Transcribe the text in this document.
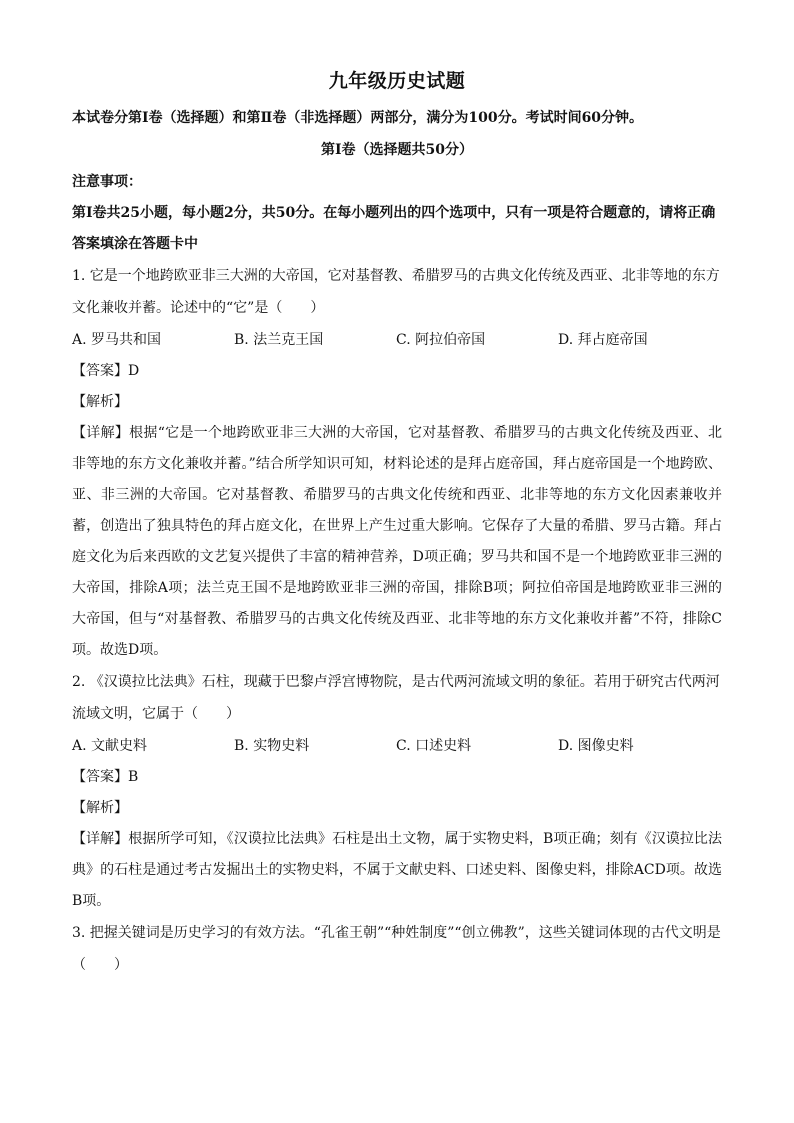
九年级历史试题

本试卷分第Ⅰ卷（选择题）和第Ⅱ卷（非选择题）两部分，满分为100分。考试时间60分钟。

第Ⅰ卷（选择题共50分）

注意事项：

第Ⅰ卷共25小题，每小题2分，共50分。在每小题列出的四个选项中，只有一项是符合题意的，请将正确答案填涂在答题卡中

1. 它是一个地跨欧亚非三大洲的大帝国，它对基督教、希腊罗马的古典文化传统及西亚、北非等地的东方文化兼收并蓄。论述中的“它”是（　　）

A. 罗马共和国	B. 法兰克王国	C. 阿拉伯帝国	D. 拜占庭帝国

【答案】D

【解析】

【详解】根据“它是一个地跨欧亚非三大洲的大帝国，它对基督教、希腊罗马的古典文化传统及西亚、北非等地的东方文化兼收并蓄。”结合所学知识可知，材料论述的是拜占庭帝国，拜占庭帝国是一个地跨欧、亚、非三洲的大帝国。它对基督教、希腊罗马的古典文化传统和西亚、北非等地的东方文化因素兼收并蓄，创造出了独具特色的拜占庭文化，在世界上产生过重大影响。它保存了大量的希腊、罗马古籍。拜占庭文化为后来西欧的文艺复兴提供了丰富的精神营养，D项正确；罗马共和国不是一个地跨欧亚非三洲的大帝国，排除A项；法兰克王国不是地跨欧亚非三洲的帝国，排除B项；阿拉伯帝国是地跨欧亚非三洲的大帝国，但与“对基督教、希腊罗马的古典文化传统及西亚、北非等地的东方文化兼收并蓄”不符，排除C项。故选D项。

2. 《汉谟拉比法典》石柱，现藏于巴黎卢浮宫博物院，是古代两河流域文明的象征。若用于研究古代两河流域文明，它属于（　　）

A. 文献史料	B. 实物史料	C. 口述史料	D. 图像史料

【答案】B

【解析】

【详解】根据所学可知，《汉谟拉比法典》石柱是出土文物，属于实物史料，B项正确；刻有《汉谟拉比法典》的石柱是通过考古发掘出土的实物史料，不属于文献史料、口述史料、图像史料，排除ACD项。故选B项。

3. 把握关键词是历史学习的有效方法。“孔雀王朝”“种姓制度”“创立佛教”，这些关键词体现的古代文明是（　　）
